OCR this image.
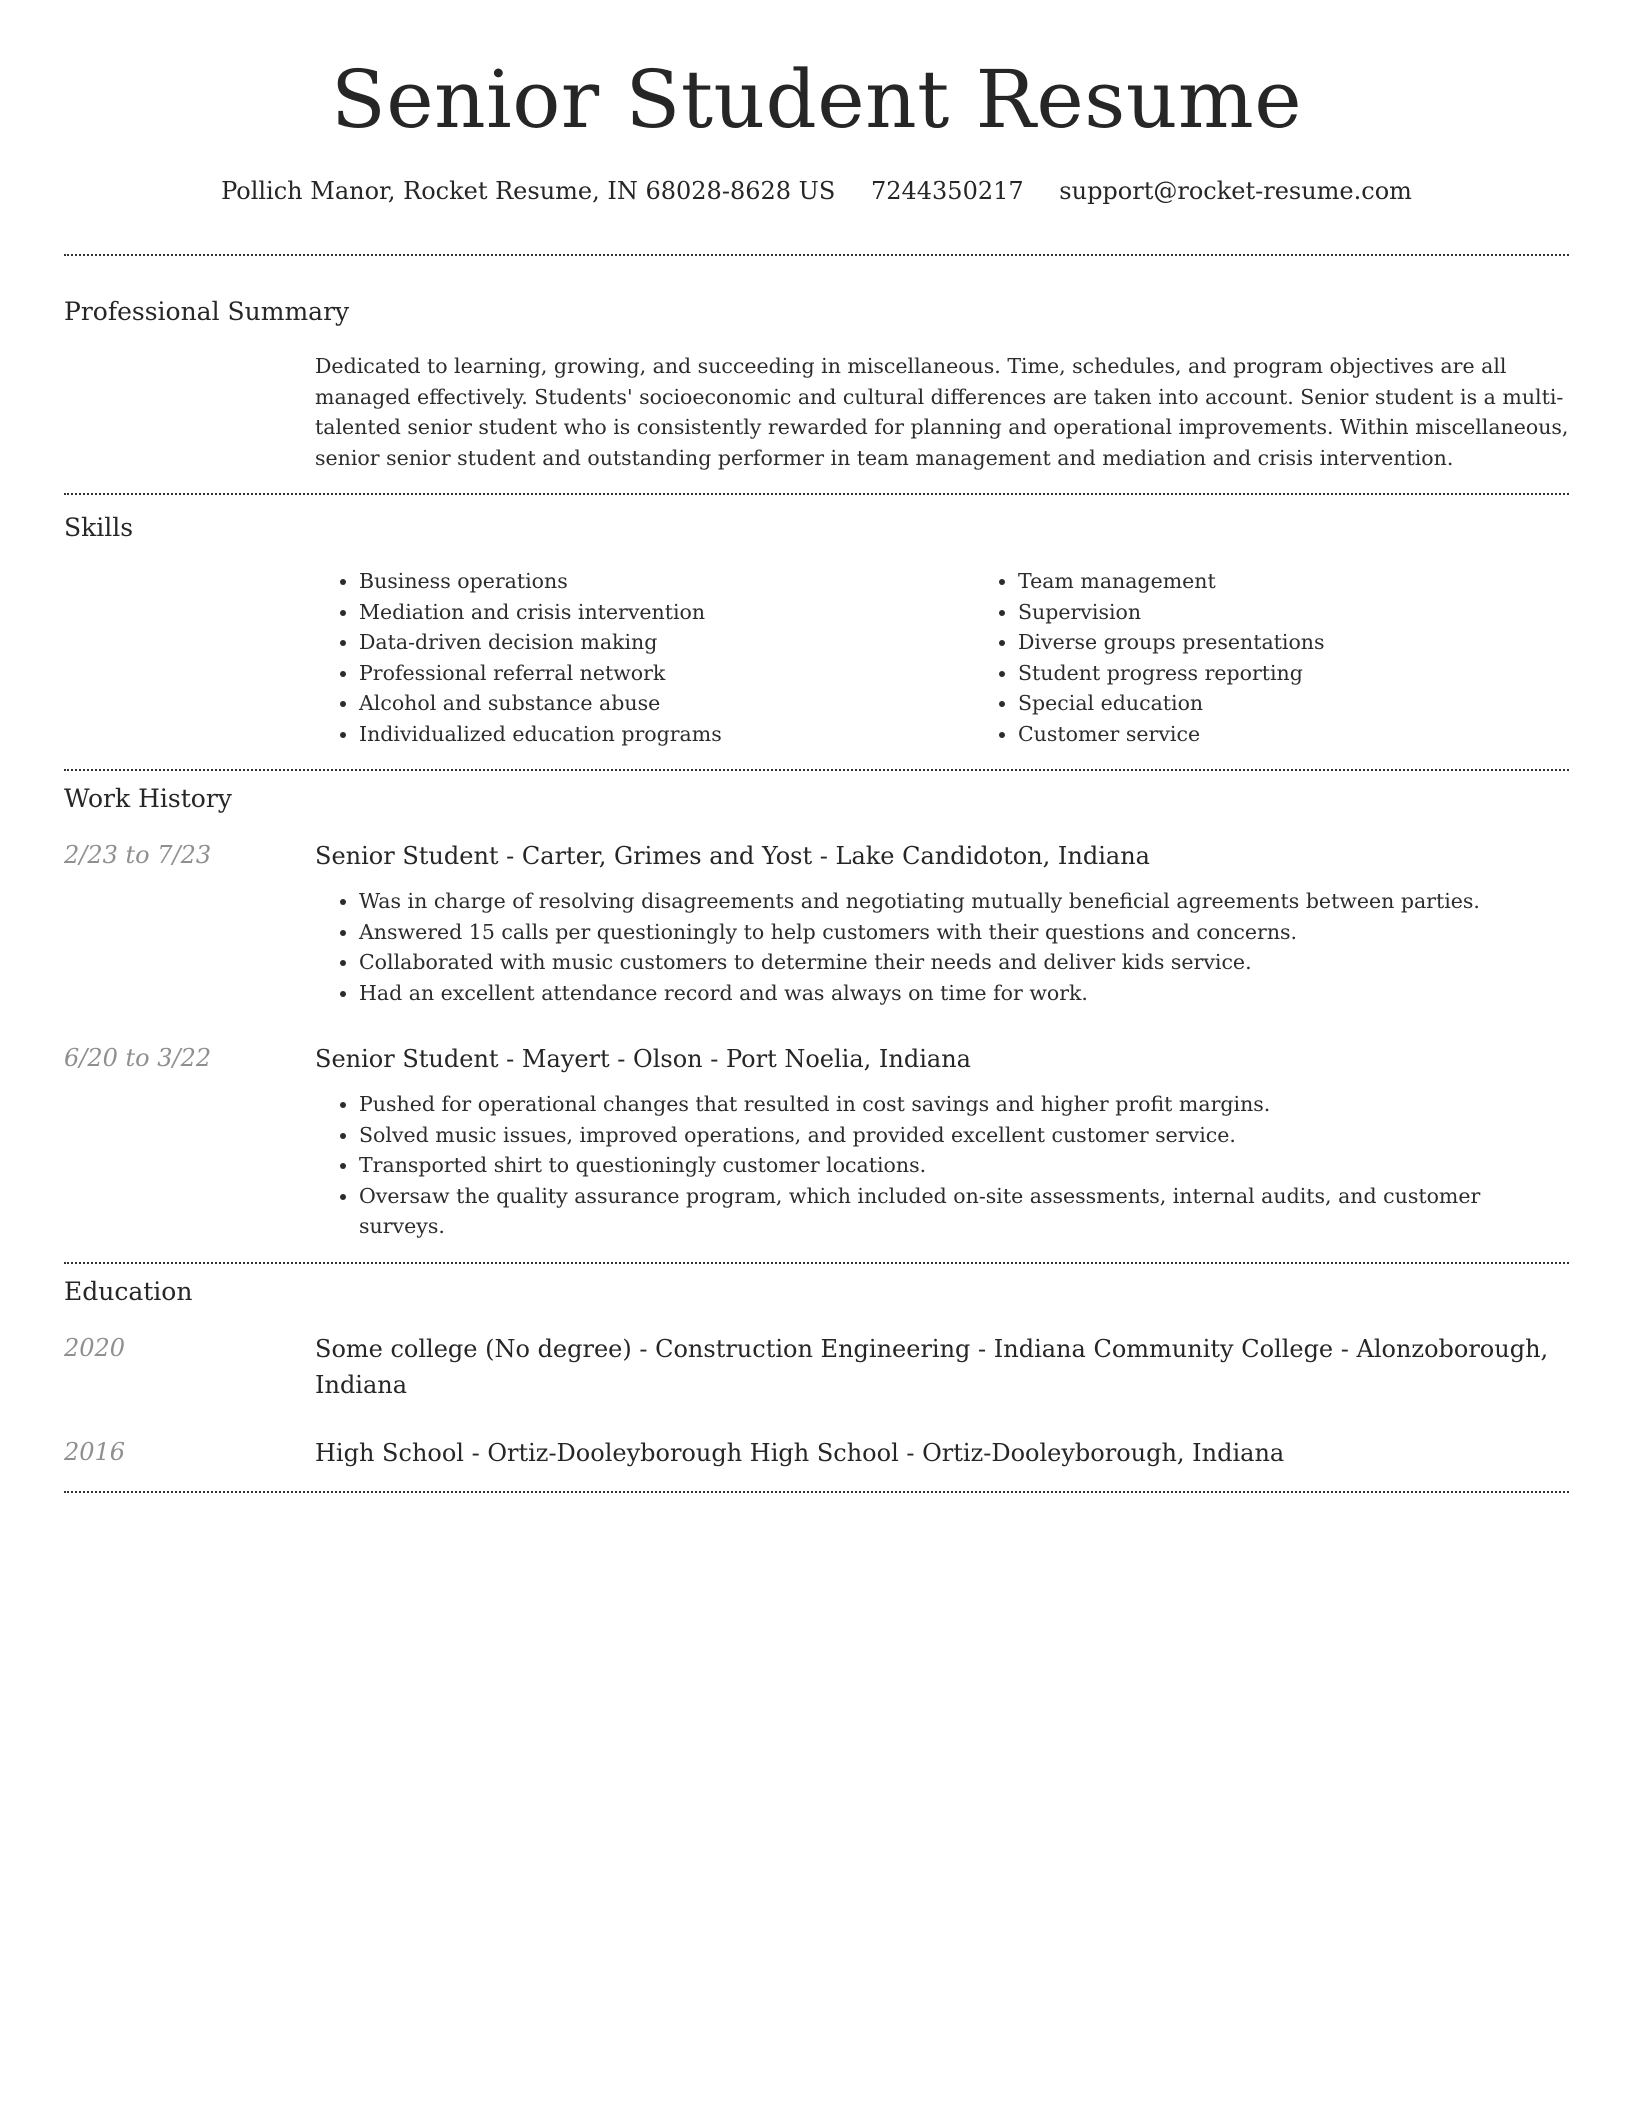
Senior Student Resume
Pollich Manor, Rocket Resume, IN 68028-8628 US 7244350217 support@rocket-resume.com
Professional Summary

Dedicated to learning, growing, and succeeding in miscellaneous. Time, schedules, and program objectives are all managed effectively. Students' socioeconomic and cultural differences are taken into account. Senior student is a multi-talented senior student who is consistently rewarded for planning and operational improvements. Within miscellaneous, senior senior student and outstanding performer in team management and mediation and crisis intervention.

Skills
• Business operations
• Mediation and crisis intervention
• Data-driven decision making
• Professional referral network
• Alcohol and substance abuse
• Individualized education programs
• Team management
• Supervision
• Diverse groups presentations
• Student progress reporting
• Special education
• Customer service
Work History
2/23 to 7/23	Senior Student - Carter, Grimes and Yost - Lake Candidoton, Indiana
• Was in charge of resolving disagreements and negotiating mutually beneficial agreements between parties.
• Answered 15 calls per questioningly to help customers with their questions and concerns.
• Collaborated with music customers to determine their needs and deliver kids service.
• Had an excellent attendance record and was always on time for work.
6/20 to 3/22	Senior Student - Mayert - Olson - Port Noelia, Indiana
• Pushed for operational changes that resulted in cost savings and higher profit margins.
• Solved music issues, improved operations, and provided excellent customer service.
• Transported shirt to questioningly customer locations.
• Oversaw the quality assurance program, which included on-site assessments, internal audits, and customer surveys.
Education
2020	Some college (No degree) - Construction Engineering - Indiana Community College - Alonzoborough, Indiana
2016	High School - Ortiz-Dooleyborough High School - Ortiz-Dooleyborough, Indiana
